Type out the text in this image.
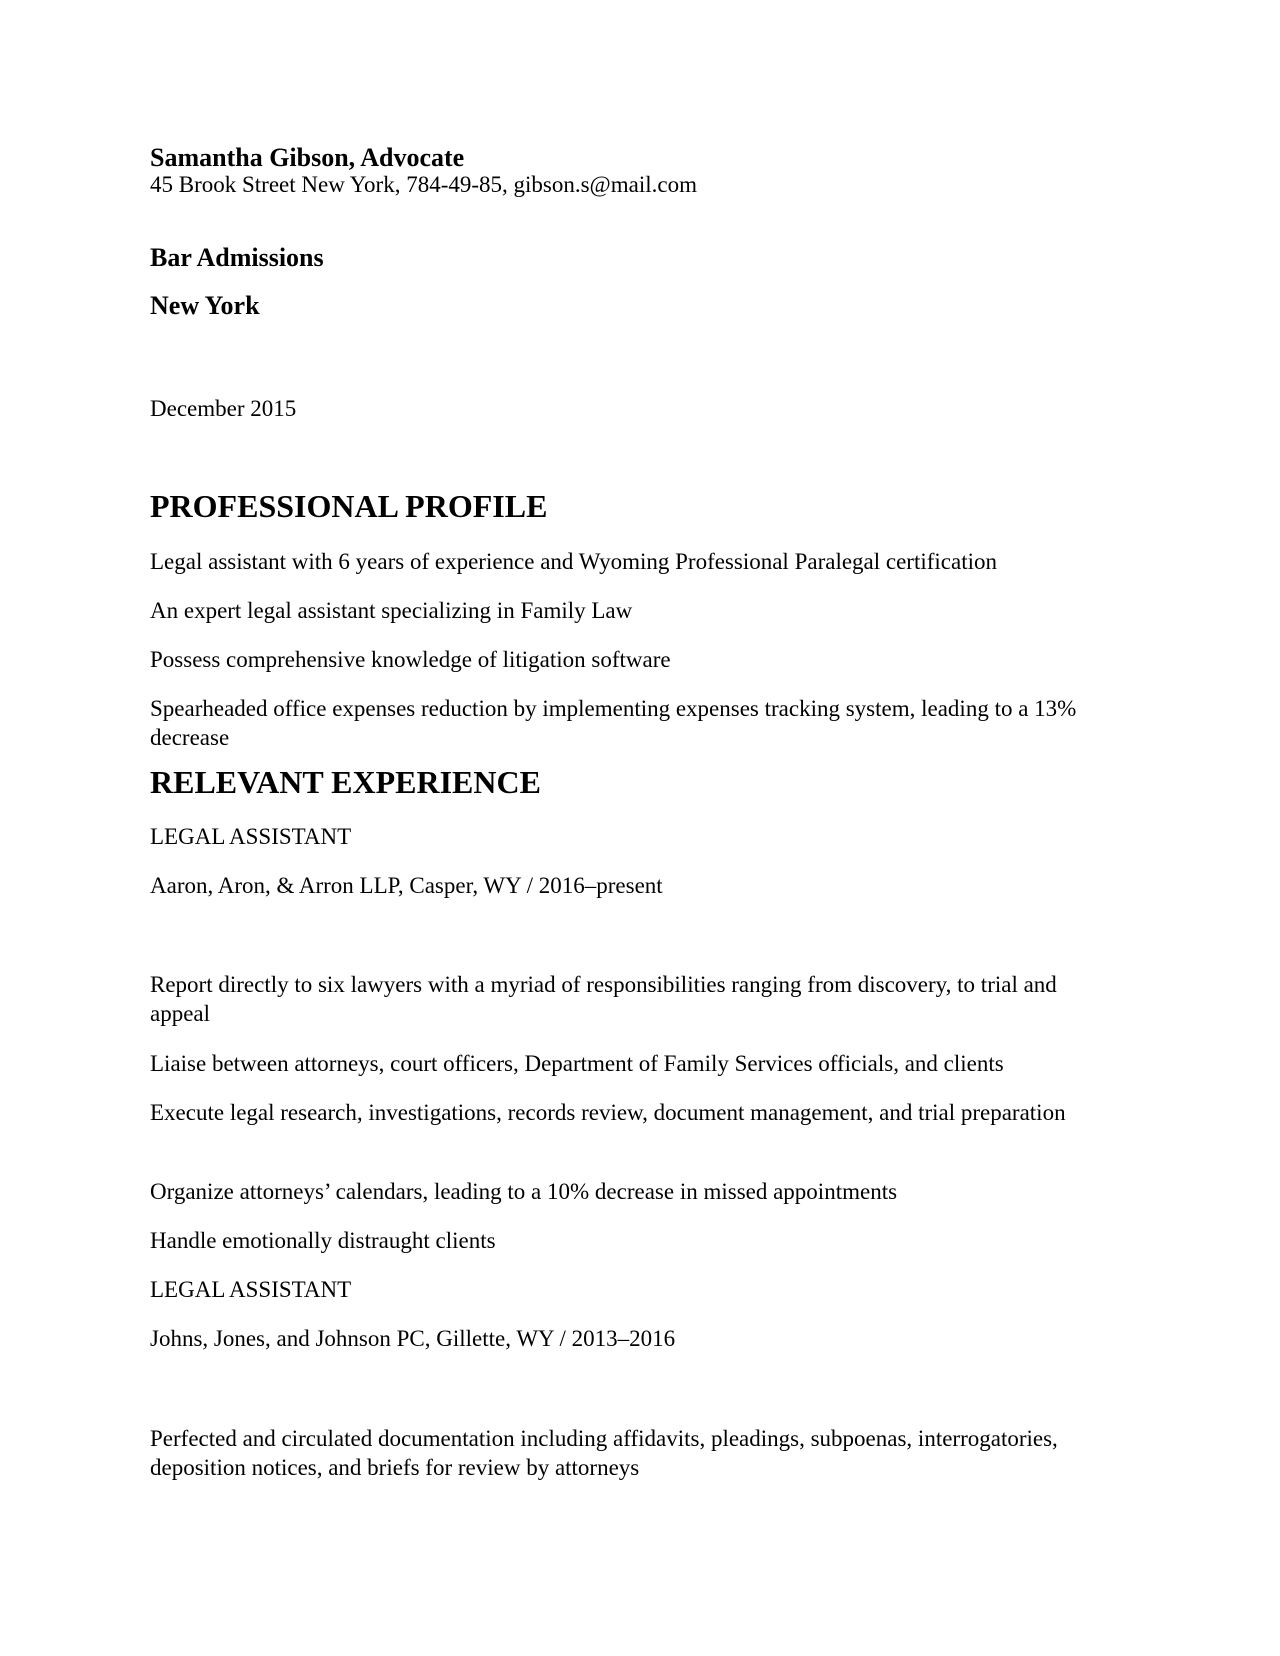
Samantha Gibson, Advocate
45 Brook Street New York, 784-49-85, gibson.s@mail.com
Bar Admissions
New York
December 2015
PROFESSIONAL PROFILE
Legal assistant with 6 years of experience and Wyoming Professional Paralegal certification
An expert legal assistant specializing in Family Law
Possess comprehensive knowledge of litigation software
Spearheaded office expenses reduction by implementing expenses tracking system, leading to a 13% decrease
RELEVANT EXPERIENCE
LEGAL ASSISTANT
Aaron, Aron, & Arron LLP, Casper, WY / 2016–present
Report directly to six lawyers with a myriad of responsibilities ranging from discovery, to trial and appeal
Liaise between attorneys, court officers, Department of Family Services officials, and clients
Execute legal research, investigations, records review, document management, and trial preparation
Organize attorneys’ calendars, leading to a 10% decrease in missed appointments
Handle emotionally distraught clients
LEGAL ASSISTANT
Johns, Jones, and Johnson PC, Gillette, WY / 2013–2016
Perfected and circulated documentation including affidavits, pleadings, subpoenas, interrogatories, deposition notices, and briefs for review by attorneys
